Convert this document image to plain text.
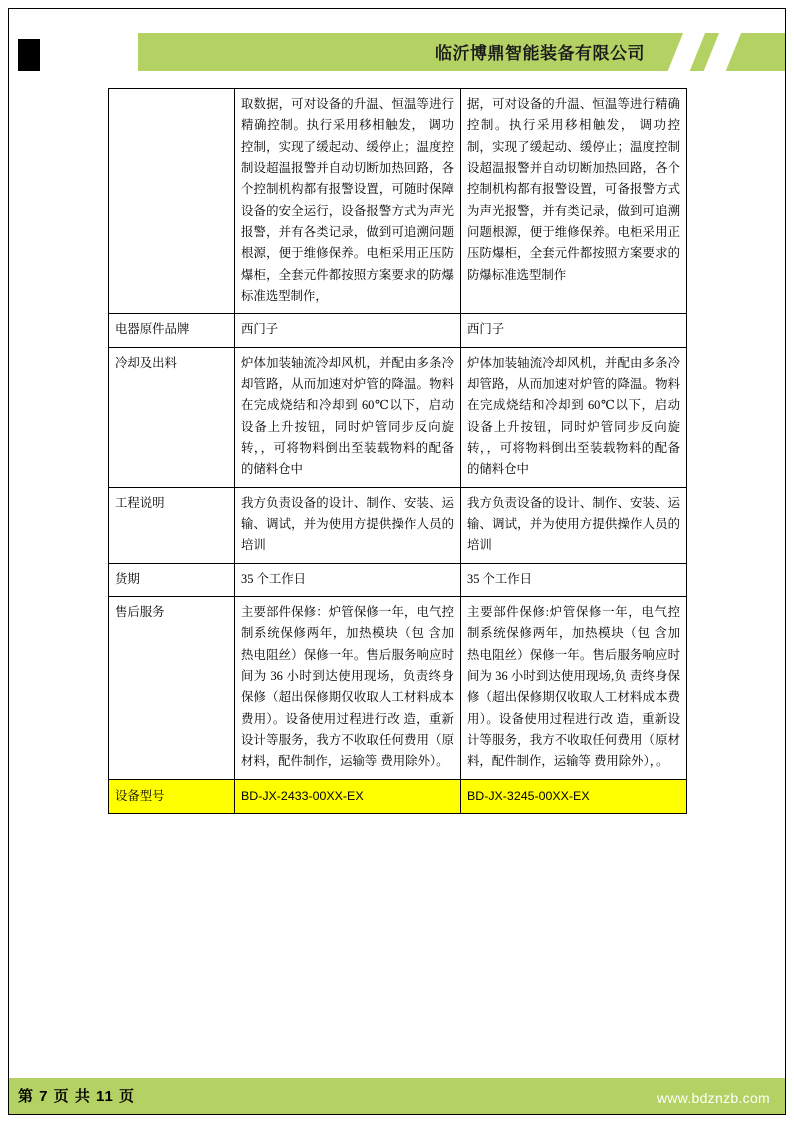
临沂博鼎智能装备有限公司
	取数据，可对设备的升温、恒温等进行精确控制。执行采用移相触发， 调功控制，实现了缓起动、缓停止；温度控制设超温报警并自动切断加热回路，各个控制机构都有报警设置，可随时保障设备的安全运行，设备报警方式为声光报警，并有各类记录，做到可追溯问题根源，便于维修保养。电柜采用正压防爆柜，全套元件都按照方案要求的防爆标准选型制作，	据，可对设备的升温、恒温等进行精确控制。执行采用移相触发， 调功控制，实现了缓起动、缓停止；温度控制设超温报警并自动切断加热回路，各个控制机构都有报警设置，可备报警方式为声光报警，并有类记录，做到可追溯问题根源，便于维修保养。电柜采用正压防爆柜，全套元件都按照方案要求的防爆标准选型制作
电器原件品牌	西门子	西门子
冷却及出料	炉体加装轴流冷却风机，并配由多条冷却管路，从而加速对炉管的降温。物料在完成烧结和冷却到 60℃以下，启动设备上升按钮，同时炉管同步反向旋转，，可将物料倒出至装载物料的配备的储料仓中	炉体加装轴流冷却风机，并配由多条冷却管路，从而加速对炉管的降温。物料在完成烧结和冷却到 60℃以下，启动设备上升按钮，同时炉管同步反向旋转，，可将物料倒出至装载物料的配备的储料仓中
工程说明	我方负责设备的设计、制作、安装、运输、调试，并为使用方提供操作人员的培训	我方负责设备的设计、制作、安装、运输、调试，并为使用方提供操作人员的培训
货期	35 个工作日	35 个工作日
售后服务	主要部件保修：炉管保修一年，电气控制系统保修两年，加热模块（包 含加热电阻丝）保修一年。售后服务响应时间为 36 小时到达使用现场，负责终身保修（超出保修期仅收取人工材料成本费用）。设备使用过程进行改 造，重新设计等服务，我方不收取任何费用（原材料，配件制作，运输等 费用除外）。	主要部件保修:炉管保修一年，电气控制系统保修两年，加热模块（包 含加热电阻丝）保修一年。售后服务响应时间为 36 小时到达使用现场,负 责终身保修（超出保修期仅收取人工材料成本费用）。设备使用过程进行改 造，重新设计等服务，我方不收取任何费用（原材料，配件制作，运输等 费用除外），。
设备型号	BD-JX-2433-00XX-EX	BD-JX-3245-00XX-EX
第 7 页 共 11 页	www.bdznzb.com
